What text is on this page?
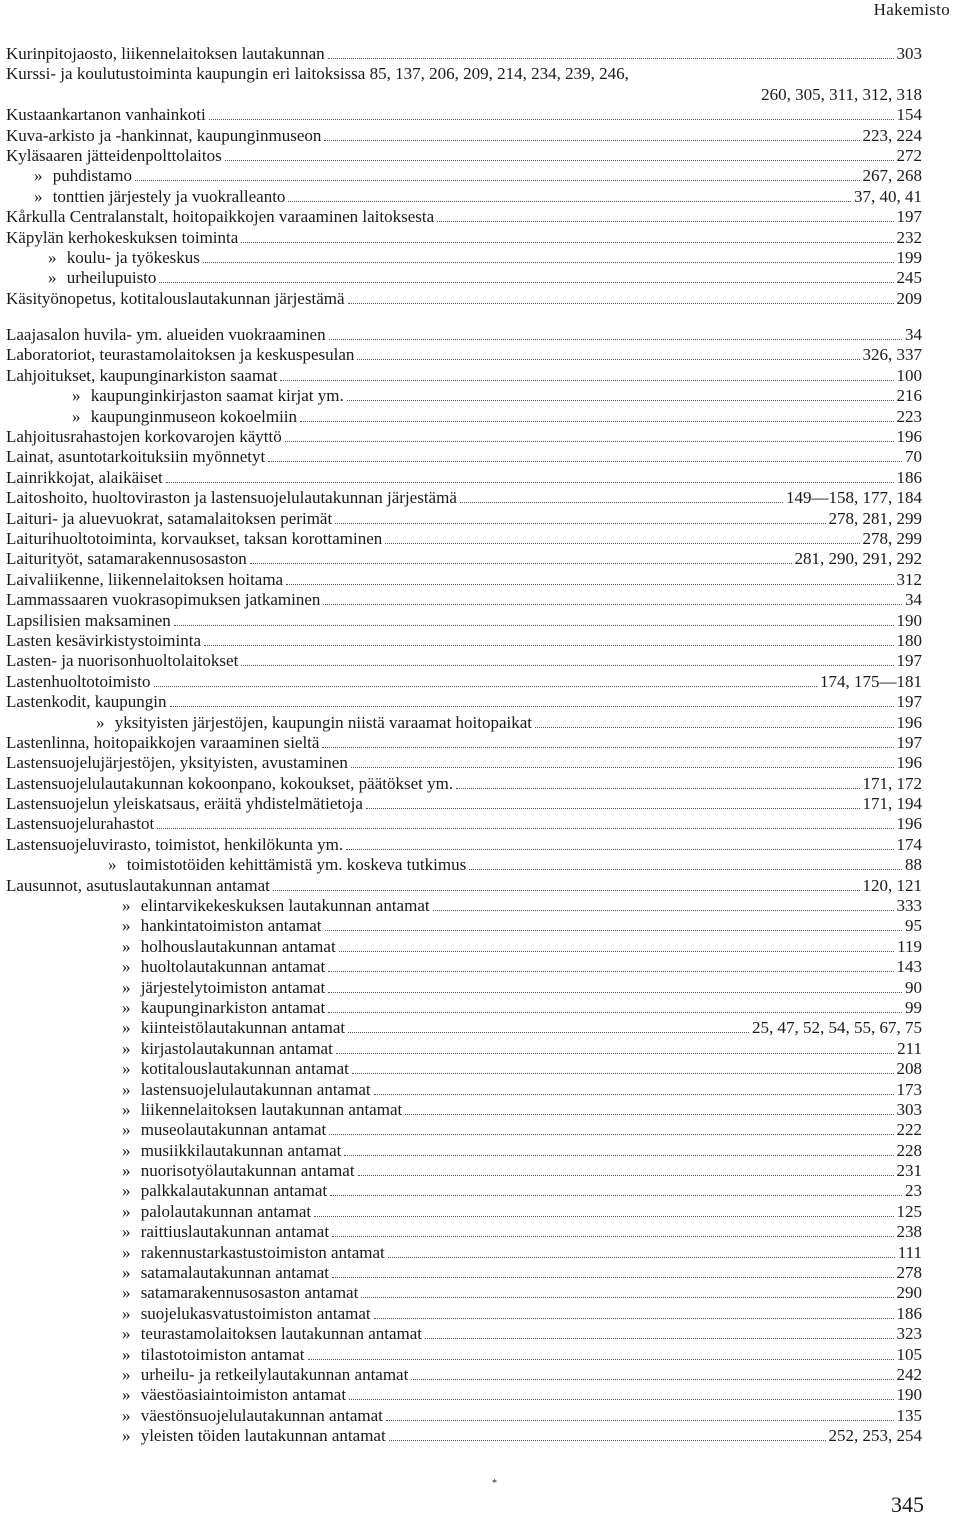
Hakemisto
Kurinpitojaosto, liikennelaitoksen lautakunnan	303
Kurssi- ja koulutustoiminta kaupungin eri laitoksissa 85, 137, 206, 209, 214, 234, 239, 246,
260, 305, 311, 312, 318
Kustaankartanon vanhainkoti	154
Kuva-arkisto ja -hankinnat, kaupunginmuseon	223, 224
Kyläsaaren jätteidenpolttolaitos	272
» puhdistamo	267, 268
» tonttien järjestely ja vuokralleanto	37, 40, 41
Kårkulla Centralanstalt, hoitopaikkojen varaaminen laitoksesta	197
Käpylän kerhokeskuksen toiminta	232
» koulu- ja työkeskus	199
» urheilupuisto	245
Käsityönopetus, kotitalouslautakunnan järjestämä	209
Laajasalon huvila- ym. alueiden vuokraaminen	34
Laboratoriot, teurastamolaitoksen ja keskuspesulan	326, 337
Lahjoitukset, kaupunginarkiston saamat	100
» kaupunginkirjaston saamat kirjat ym.	216
» kaupunginmuseon kokoelmiin	223
Lahjoitusrahastojen korkovarojen käyttö	196
Lainat, asuntotarkoituksiin myönnetyt	70
Lainrikkojat, alaikäiset	186
Laitoshoito, huoltoviraston ja lastensuojelulautakunnan järjestämä	149—158, 177, 184
Laituri- ja aluevuokrat, satamalaitoksen perimät	278, 281, 299
Laiturihuoltotoiminta, korvaukset, taksan korottaminen	278, 299
Laiturityöt, satamarakennusosaston	281, 290, 291, 292
Laivaliikenne, liikennelaitoksen hoitama	312
Lammassaaren vuokrasopimuksen jatkaminen	34
Lapsilisien maksaminen	190
Lasten kesävirkistystoiminta	180
Lasten- ja nuorisonhuoltolaitokset	197
Lastenhuoltotoimisto	174, 175—181
Lastenkodit, kaupungin	197
» yksityisten järjestöjen, kaupungin niistä varaamat hoitopaikat	196
Lastenlinna, hoitopaikkojen varaaminen sieltä	197
Lastensuojelujärjestöjen, yksityisten, avustaminen	196
Lastensuojelulautakunnan kokoonpano, kokoukset, päätökset ym.	171, 172
Lastensuojelun yleiskatsaus, eräitä yhdistelmätietoja	171, 194
Lastensuojelurahastot	196
Lastensuojeluvirasto, toimistot, henkilökunta ym.	174
» toimistotöiden kehittämistä ym. koskeva tutkimus	88
Lausunnot, asutuslautakunnan antamat	120, 121
» elintarvikekeskuksen lautakunnan antamat	333
» hankintatoimiston antamat	95
» holhouslautakunnan antamat	119
» huoltolautakunnan antamat	143
» järjestelytoimiston antamat	90
» kaupunginarkiston antamat	99
» kiinteistölautakunnan antamat	25, 47, 52, 54, 55, 67, 75
» kirjastolautakunnan antamat	211
» kotitalouslautakunnan antamat	208
» lastensuojelulautakunnan antamat	173
» liikennelaitoksen lautakunnan antamat	303
» museolautakunnan antamat	222
» musiikkilautakunnan antamat	228
» nuorisotyölautakunnan antamat	231
» palkkalautakunnan antamat	23
» palolautakunnan antamat	125
» raittiuslautakunnan antamat	238
» rakennustarkastustoimiston antamat	111
» satamalautakunnan antamat	278
» satamarakennusosaston antamat	290
» suojelukasvatustoimiston antamat	186
» teurastamolaitoksen lautakunnan antamat	323
» tilastotoimiston antamat	105
» urheilu- ja retkeilylautakunnan antamat	242
» väestöasiaintoimiston antamat	190
» väestönsuojelulautakunnan antamat	135
» yleisten töiden lautakunnan antamat	252, 253, 254
*
345
